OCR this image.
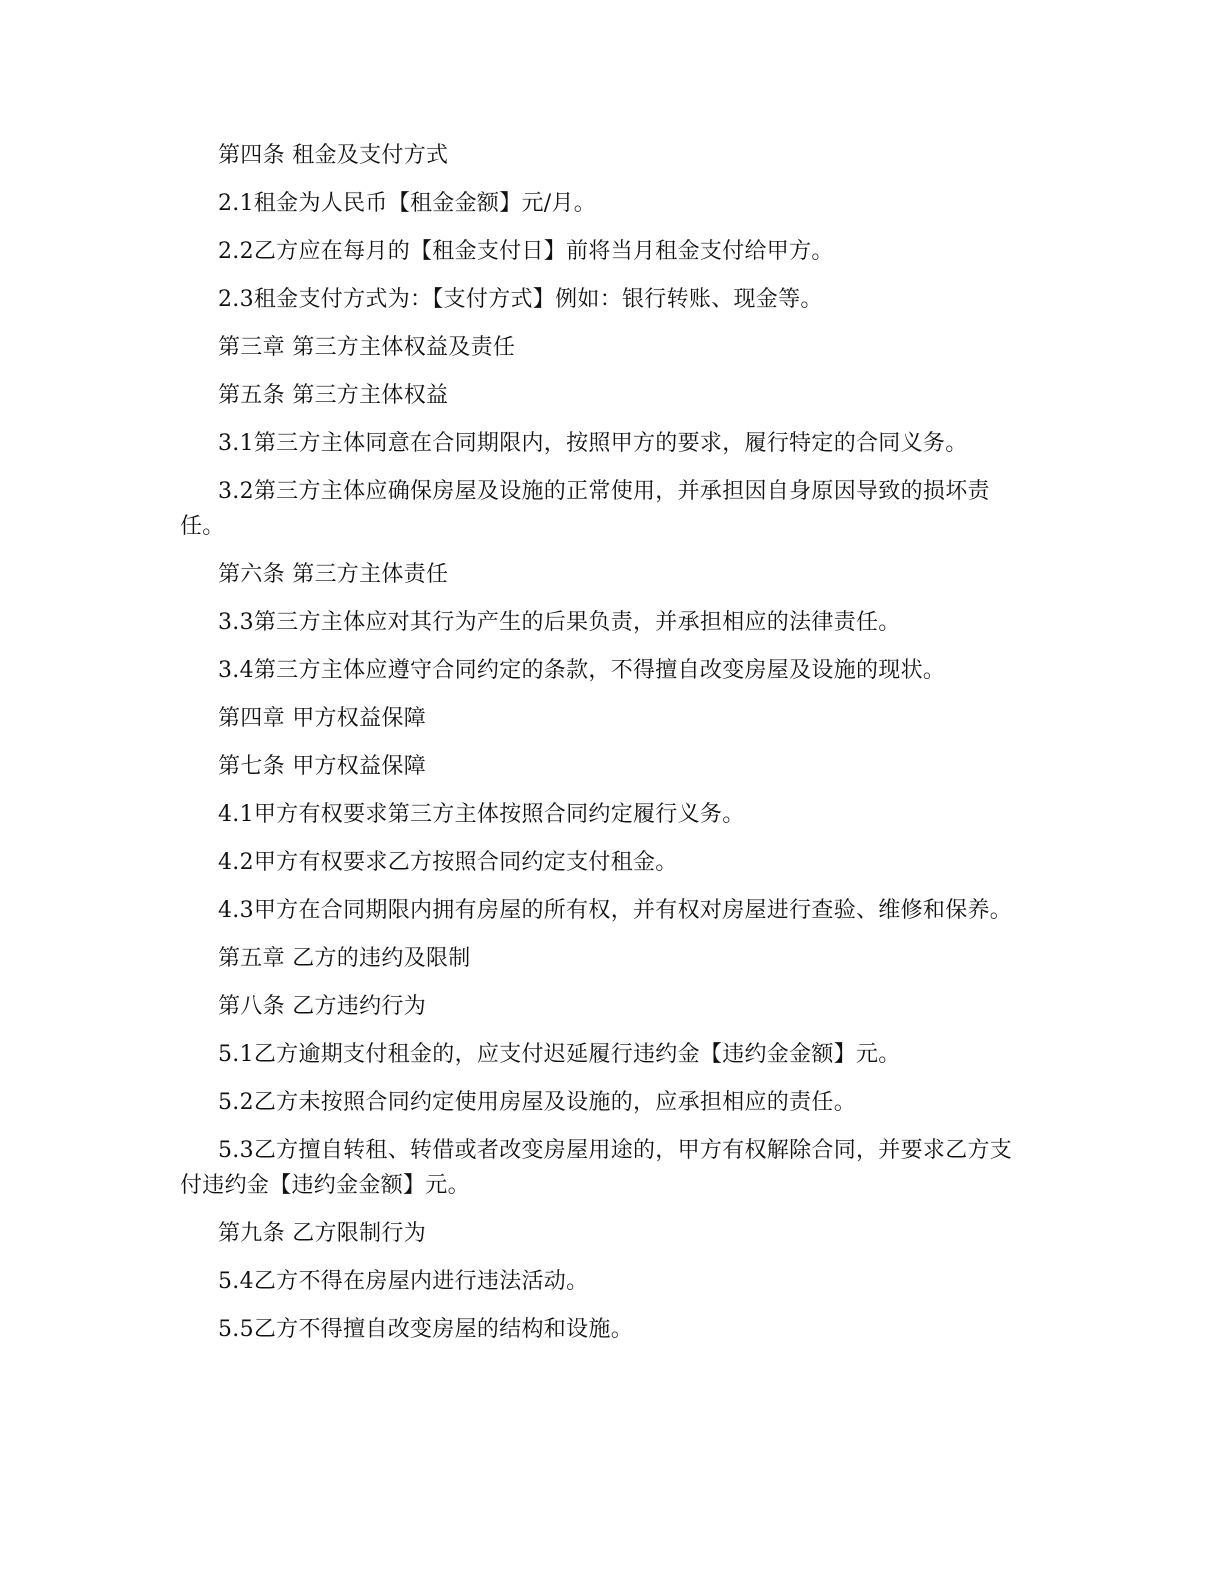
第四条 租金及支付方式

2.1租金为人民币【租金金额】元/月。

2.2乙方应在每月的【租金支付日】前将当月租金支付给甲方。

2.3租金支付方式为：【支付方式】例如：银行转账、现金等。

第三章 第三方主体权益及责任

第五条 第三方主体权益

3.1第三方主体同意在合同期限内，按照甲方的要求，履行特定的合同义务。

3.2第三方主体应确保房屋及设施的正常使用，并承担因自身原因导致的损坏责任。

第六条 第三方主体责任

3.3第三方主体应对其行为产生的后果负责，并承担相应的法律责任。

3.4第三方主体应遵守合同约定的条款，不得擅自改变房屋及设施的现状。

第四章 甲方权益保障

第七条 甲方权益保障

4.1甲方有权要求第三方主体按照合同约定履行义务。

4.2甲方有权要求乙方按照合同约定支付租金。

4.3甲方在合同期限内拥有房屋的所有权，并有权对房屋进行查验、维修和保养。

第五章 乙方的违约及限制

第八条 乙方违约行为

5.1乙方逾期支付租金的，应支付迟延履行违约金【违约金金额】元。

5.2乙方未按照合同约定使用房屋及设施的，应承担相应的责任。

5.3乙方擅自转租、转借或者改变房屋用途的，甲方有权解除合同，并要求乙方支付违约金【违约金金额】元。

第九条 乙方限制行为

5.4乙方不得在房屋内进行违法活动。

5.5乙方不得擅自改变房屋的结构和设施。
